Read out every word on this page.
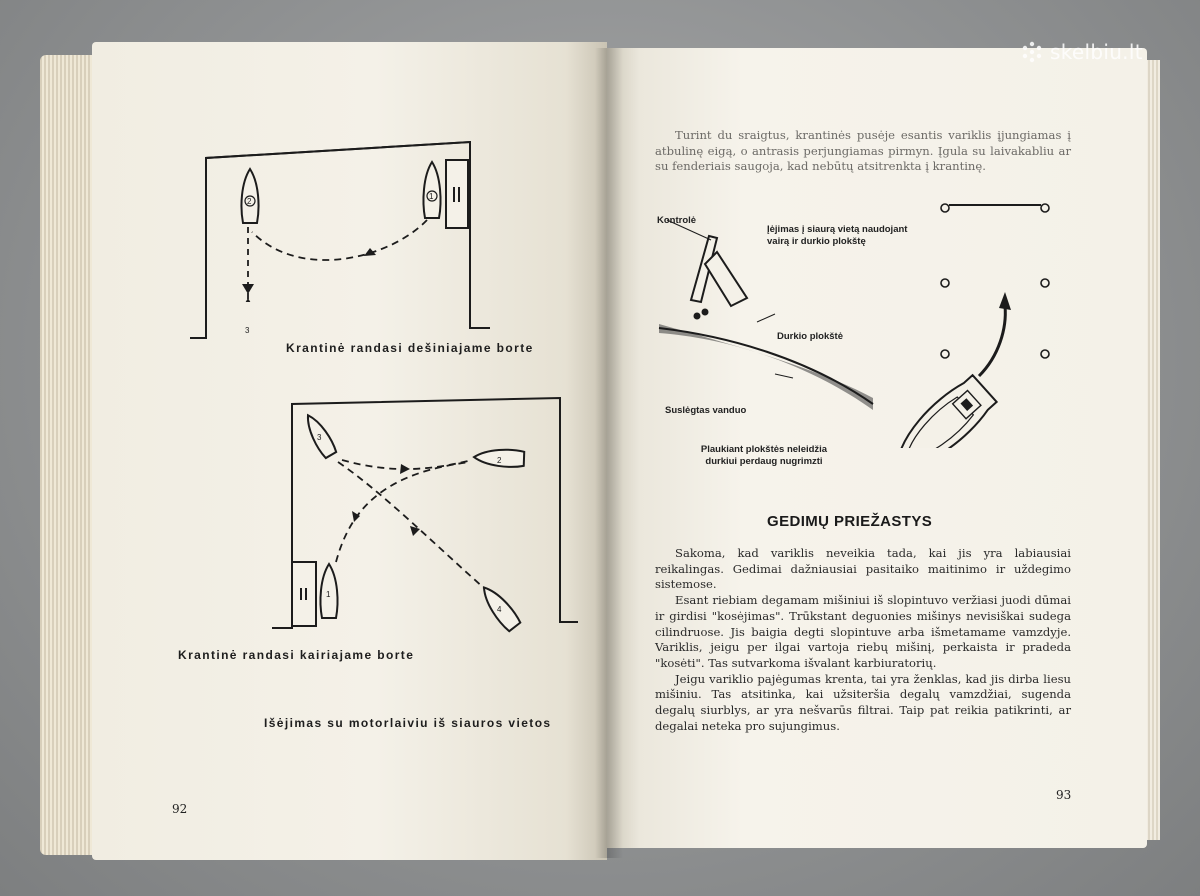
1
2
3
Krantinė randasi dešiniajame borte
1
2
3
4
Krantinė randasi kairiajame borte
Išėjimas su motorlaiviu iš siauros vietos
92

Turint du sraigtus, krantinės pusėje esantis variklis įjungiamas į atbulinę eigą, o antrasis perjungiamas pirmyn. Įgula su laivakabliu ar su fenderiais saugoja, kad nebūtų atsitrenkta į krantinę.

Kontrolė
Įėjimas į siaurą vietą naudojant vairą ir durkio plokštę
Durkio plokštė
Suslėgtas vanduo
Plaukiant plokštės neleidžia durkiui perdaug nugrimzti
GEDIMŲ PRIEŽASTYS

Sakoma, kad variklis neveikia tada, kai jis yra labiausiai reikalingas. Gedimai dažniausiai pasitaiko maitinimo ir uždegimo sistemose.

Esant riebiam degamam mišiniui iš slopintuvo veržiasi juodi dūmai ir girdisi "kosėjimas". Trūkstant deguonies mišinys nevisiškai sudega cilindruose. Jis baigia degti slopintuve arba išmetamame vamzdyje. Variklis, jeigu per ilgai vartoja riebų mišinį, perkaista ir pradeda "kosėti". Tas sutvarkoma išvalant karbiuratorių.

Jeigu variklio pajėgumas krenta, tai yra ženklas, kad jis dirba liesu mišiniu. Tas atsitinka, kai užsiteršia degalų vamzdžiai, sugenda degalų siurblys, ar yra nešvarūs filtrai. Taip pat reikia patikrinti, ar degalai neteka pro sujungimus.

93
skelbiu.lt
